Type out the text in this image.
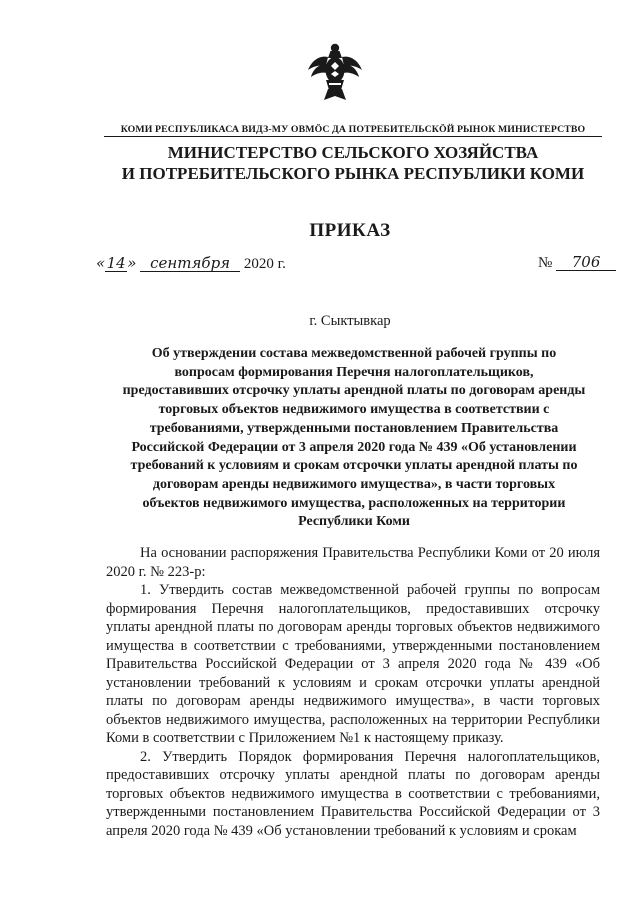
КОМИ РЕСПУБЛИКАСА ВИДЗ-МУ ОВМÖС ДА ПОТРЕБИТЕЛЬСКÖЙ РЫНОК МИНИСТЕРСТВО
МИНИСТЕРСТВО СЕЛЬСКОГО ХОЗЯЙСТВА
И ПОТРЕБИТЕЛЬСКОГО РЫНКА РЕСПУБЛИКИ КОМИ
ПРИКАЗ
«14» сентября 2020 г.	№ 706
г. Сыктывкар
Об утверждении состава межведомственной рабочей группы по
вопросам формирования Перечня налогоплательщиков,
предоставивших отсрочку уплаты арендной платы по договорам аренды
торговых объектов недвижимого имущества в соответствии с
требованиями, утвержденными постановлением Правительства
Российской Федерации от 3 апреля 2020 года № 439 «Об установлении
требований к условиям и срокам отсрочки уплаты арендной платы по
договорам аренды недвижимого имущества», в части торговых
объектов недвижимого имущества, расположенных на территории
Республики Коми

На основании распоряжения Правительства Республики Коми от 20 июля 2020 г. № 223-р:

1. Утвердить состав межведомственной рабочей группы по вопросам формирования Перечня налогоплательщиков, предоставивших отсрочку уплаты арендной платы по договорам аренды торговых объектов недвижимого имущества в соответствии с требованиями, утвержденными постановлением Правительства Российской Федерации от 3 апреля 2020 года № 439 «Об установлении требований к условиям и срокам отсрочки уплаты арендной платы по договорам аренды недвижимого имущества», в части торговых объектов недвижимого имущества, расположенных на территории Республики Коми в соответствии с Приложением №1 к настоящему приказу.

2. Утвердить Порядок формирования Перечня налогоплательщиков, предоставивших отсрочку уплаты арендной платы по договорам аренды торговых объектов недвижимого имущества в соответствии с требованиями, утвержденными постановлением Правительства Российской Федерации от 3 апреля 2020 года № 439 «Об установлении требований к условиям и срокам
